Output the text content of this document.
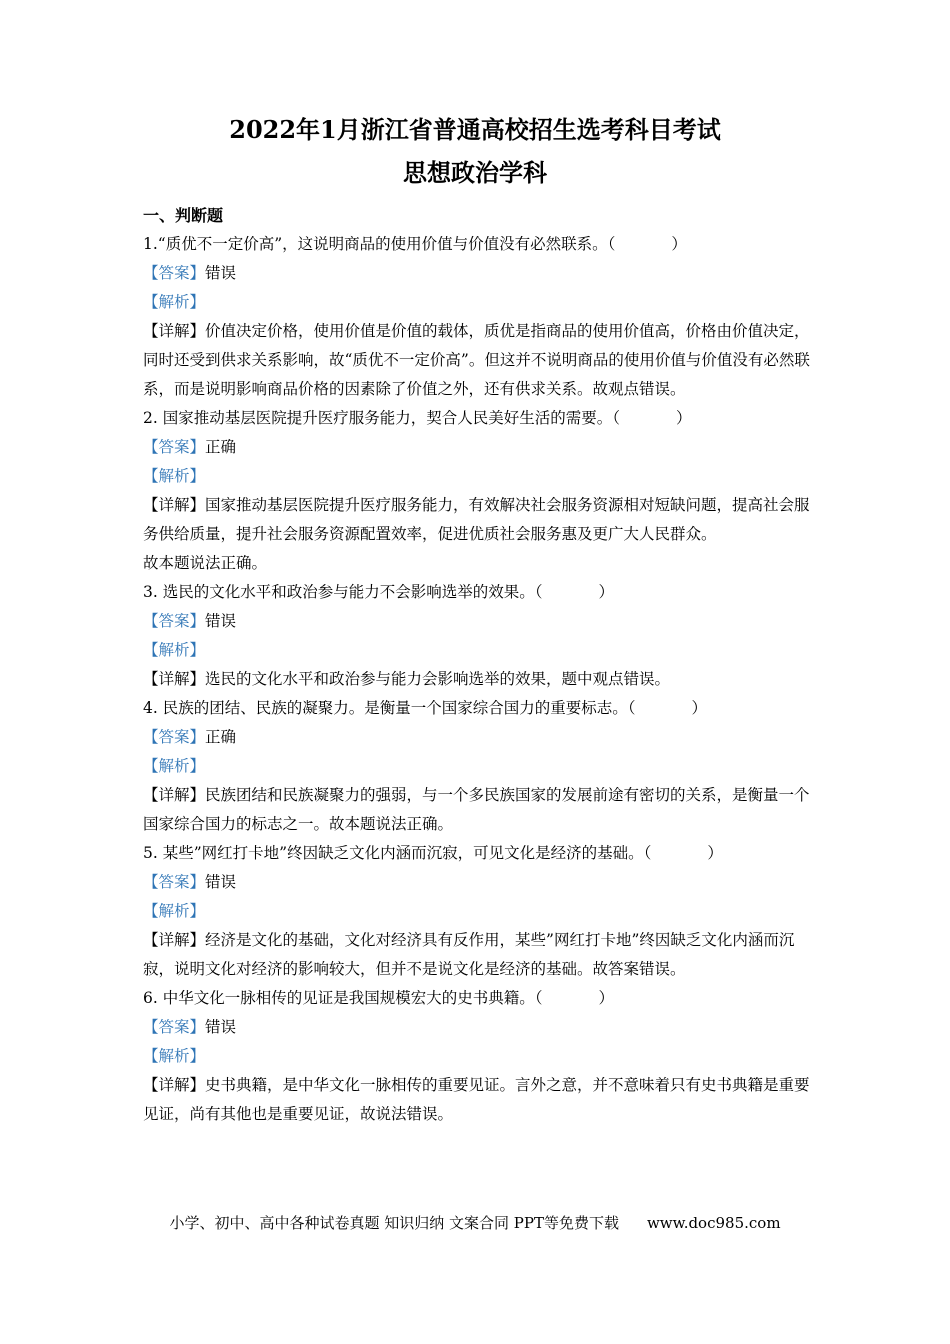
2022年1月浙江省普通高校招生选考科目考试
思想政治学科

一、判断题

1.“质优不一定价高”，这说明商品的使用价值与价值没有必然联系。（	）

【答案】错误

【解析】

【详解】价值决定价格，使用价值是价值的载体，质优是指商品的使用价值高，价格由价值决定，同时还受到供求关系影响，故“质优不一定价高”。但这并不说明商品的使用价值与价值没有必然联系，而是说明影响商品价格的因素除了价值之外，还有供求关系。故观点错误。

2. 国家推动基层医院提升医疗服务能力，契合人民美好生活的需要。（	）

【答案】正确

【解析】

【详解】国家推动基层医院提升医疗服务能力，有效解决社会服务资源相对短缺问题，提高社会服务供给质量，提升社会服务资源配置效率，促进优质社会服务惠及更广大人民群众。

故本题说法正确。

3. 选民的文化水平和政治参与能力不会影响选举的效果。（	）

【答案】错误

【解析】

【详解】选民的文化水平和政治参与能力会影响选举的效果，题中观点错误。

4. 民族的团结、民族的凝聚力。是衡量一个国家综合国力的重要标志。（	）

【答案】正确

【解析】

【详解】民族团结和民族凝聚力的强弱，与一个多民族国家的发展前途有密切的关系，是衡量一个国家综合国力的标志之一。故本题说法正确。

5. 某些”网红打卡地”终因缺乏文化内涵而沉寂，可见文化是经济的基础。（	）

【答案】错误

【解析】

【详解】经济是文化的基础，文化对经济具有反作用，某些”网红打卡地”终因缺乏文化内涵而沉寂，说明文化对经济的影响较大，但并不是说文化是经济的基础。故答案错误。

6. 中华文化一脉相传的见证是我国规模宏大的史书典籍。（	）

【答案】错误

【解析】

【详解】史书典籍，是中华文化一脉相传的重要见证。言外之意，并不意味着只有史书典籍是重要见证，尚有其他也是重要见证，故说法错误。

小学、初中、高中各种试卷真题 知识归纳 文案合同 PPT等免费下载 www.doc985.com
